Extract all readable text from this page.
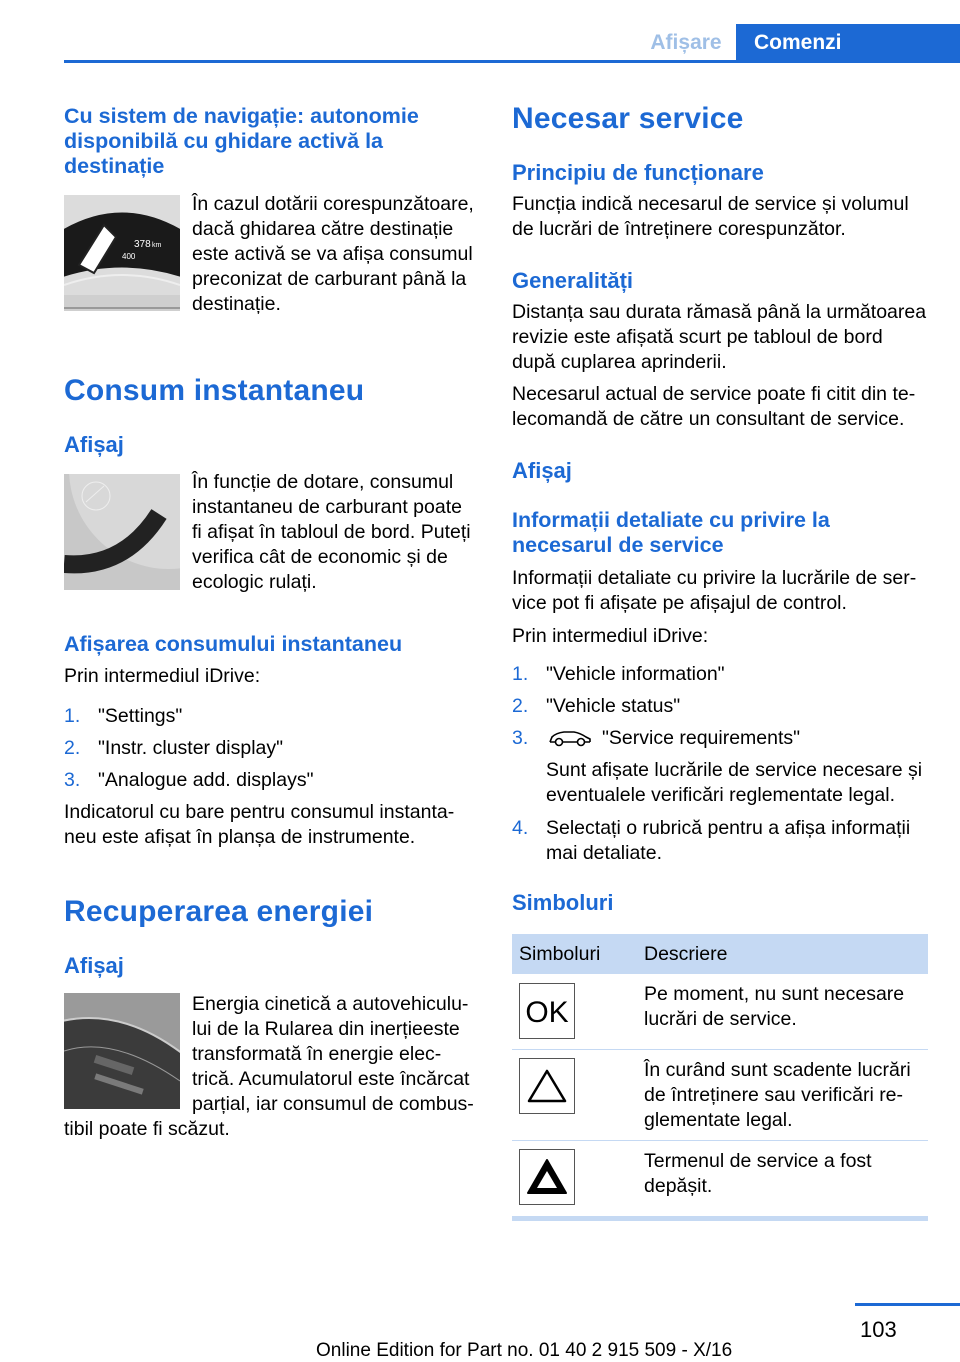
Afișare	Comenzi

Cu sistem de navigație: autonomie disponibilă cu ghidare activă la destinație

378 km
400

În cazul dotării corespunzătoare,

dacă ghidarea către destinație

este activă se va afișa consumul

preconizat de carburant până la

destinație.

Consum instantaneu

Afișaj

În funcție de dotare, consumul

instantaneu de carburant poate

fi afișat în tabloul de bord. Puteți

verifica cât de economic și de

ecologic rulați.

Afișarea consumului instantaneu

Prin intermediul iDrive:

1. "Settings"
2. "Instr. cluster display"
3. "Analogue add. displays"

Indicatorul cu bare pentru consumul instanta‐

neu este afișat în planșa de instrumente.

Recuperarea energiei

Afișaj

Energia cinetică a autovehiculu‐

lui de la Rularea din inerțieeste

transformată în energie elec‐

trică. Acumulatorul este încărcat

parțial, iar consumul de combus‐

tibil poate fi scăzut.

Necesar service

Principiu de funcționare

Funcția indică necesarul de service și volumul

de lucrări de întreținere corespunzător.

Generalități

Distanța sau durata rămasă până la următoarea

revizie este afișată scurt pe tabloul de bord

după cuplarea aprinderii.

Necesarul actual de service poate fi citit din te‐

lecomandă de către un consultant de service.

Afișaj

Informații detaliate cu privire la

necesarul de service

Informații detaliate cu privire la lucrările de ser‐

vice pot fi afișate pe afișajul de control.

Prin intermediul iDrive:

1. "Vehicle information"
2. "Vehicle status"
3.	"Service requirements"

Sunt afișate lucrările de service necesare și

eventualele verificări reglementate legal.

4. Selectați o rubrică pentru a afișa informații

mai detaliate.

Simboluri

Simboluri Descriere
OK

Pe moment, nu sunt necesare

lucrări de service.

În curând sunt scadente lucrări

de întreținere sau verificări re‐

glementate legal.

Termenul de service a fost

depășit.

103
Online Edition for Part no. 01 40 2 915 509 - X/16
